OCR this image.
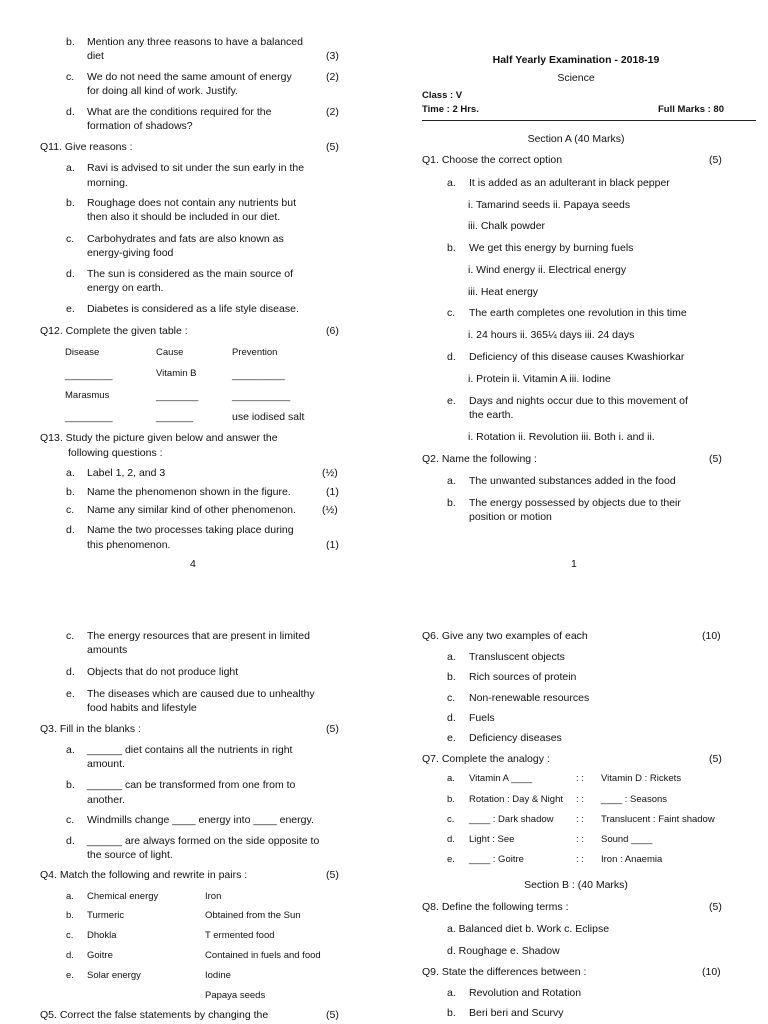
b. Mention any three reasons to have a balanced
diet	(3)
c. We do not need the same amount of energy
for doing all kind of work. Justify.
(2)
d. What are the conditions required for the
formation of shadows?
(2)
Q11. Give reasons :	(5)
a. Ravi is advised to sit under the sun early in the
morning.
b. Roughage does not contain any nutrients but
then also it should be included in our diet.
c. Carbohydrates and fats are also known as
energy-giving food
d. The sun is considered as the main source of
energy on earth.
e. Diabetes is considered as a life style disease.
Q12. Complete the given table :	(6)
Disease	Cause	Prevention
_________	Vitamin B	__________
Marasmus	________	___________
_________	_______	use iodised salt
Q13. Study the picture given below and answer the
following questions :
a. Label 1, 2, and 3	(½)
b. Name the phenomenon shown in the figure.	(1)
c. Name any similar kind of other phenomenon. (½)
d. Name the two processes taking place during
this phenomenon.	(1)
4
Half Yearly Examination - 2018-19
Science
Class : V
Time : 2 Hrs.	Full Marks : 80
Section A (40 Marks)
Q1. Choose the correct option	(5)
a. It is added as an adulterant in black pepper
i. Tamarind seeds ii. Papaya seeds
iii. Chalk powder
b. We get this energy by burning fuels
i. Wind energy ii. Electrical energy
iii. Heat energy
c. The earth completes one revolution in this time
i. 24 hours ii. 365¼ days iii. 24 days
d. Deficiency of this disease causes Kwashiorkar
i. Protein ii. Vitamin A iii. Iodine
e. Days and nights occur due to this movement of
the earth.
i. Rotation ii. Revolution iii. Both i. and ii.
Q2. Name the following :	(5)
a. The unwanted substances added in the food
b. The energy possessed by objects due to their
position or motion
1
c. The energy resources that are present in limited
amounts
d. Objects that do not produce light
e. The diseases which are caused due to unhealthy
food habits and lifestyle
Q3. Fill in the blanks :	(5)
a. ______ diet contains all the nutrients in right
amount.
b. ______ can be transformed from one from to
another.
c. Windmills change ____ energy into ____ energy.
d. ______ are always formed on the side opposite to
the source of light.
Q4. Match the following and rewrite in pairs :	(5)
a. Chemical energy	Iron
b. Turmeric	Obtained from the Sun
c. Dhokla	T ermented food
d. Goitre	Contained in fuels and food
e. Solar energy	Iodine
Papaya seeds
Q5. Correct the false statements by changing the	(5)
Q6. Give any two examples of each	(10)
a. Transluscent objects
b. Rich sources of protein
c. Non-renewable resources
d. Fuels
e. Deficiency diseases
Q7. Complete the analogy :	(5)
a. Vitamin A ____	: : Vitamin D : Rickets
b. Rotation : Day & Night : : ____ : Seasons
c. ____ : Dark shadow : : Translucent : Faint shadow
d. Light : See	: : Sound ____
e. ____ : Goitre	: : Iron : Anaemia
Section B : (40 Marks)
Q8. Define the following terms :	(5)
a. Balanced diet b. Work c. Eclipse
d. Roughage e. Shadow
Q9. State the differences between :	(10)
a. Revolution and Rotation
b. Beri beri and Scurvy
